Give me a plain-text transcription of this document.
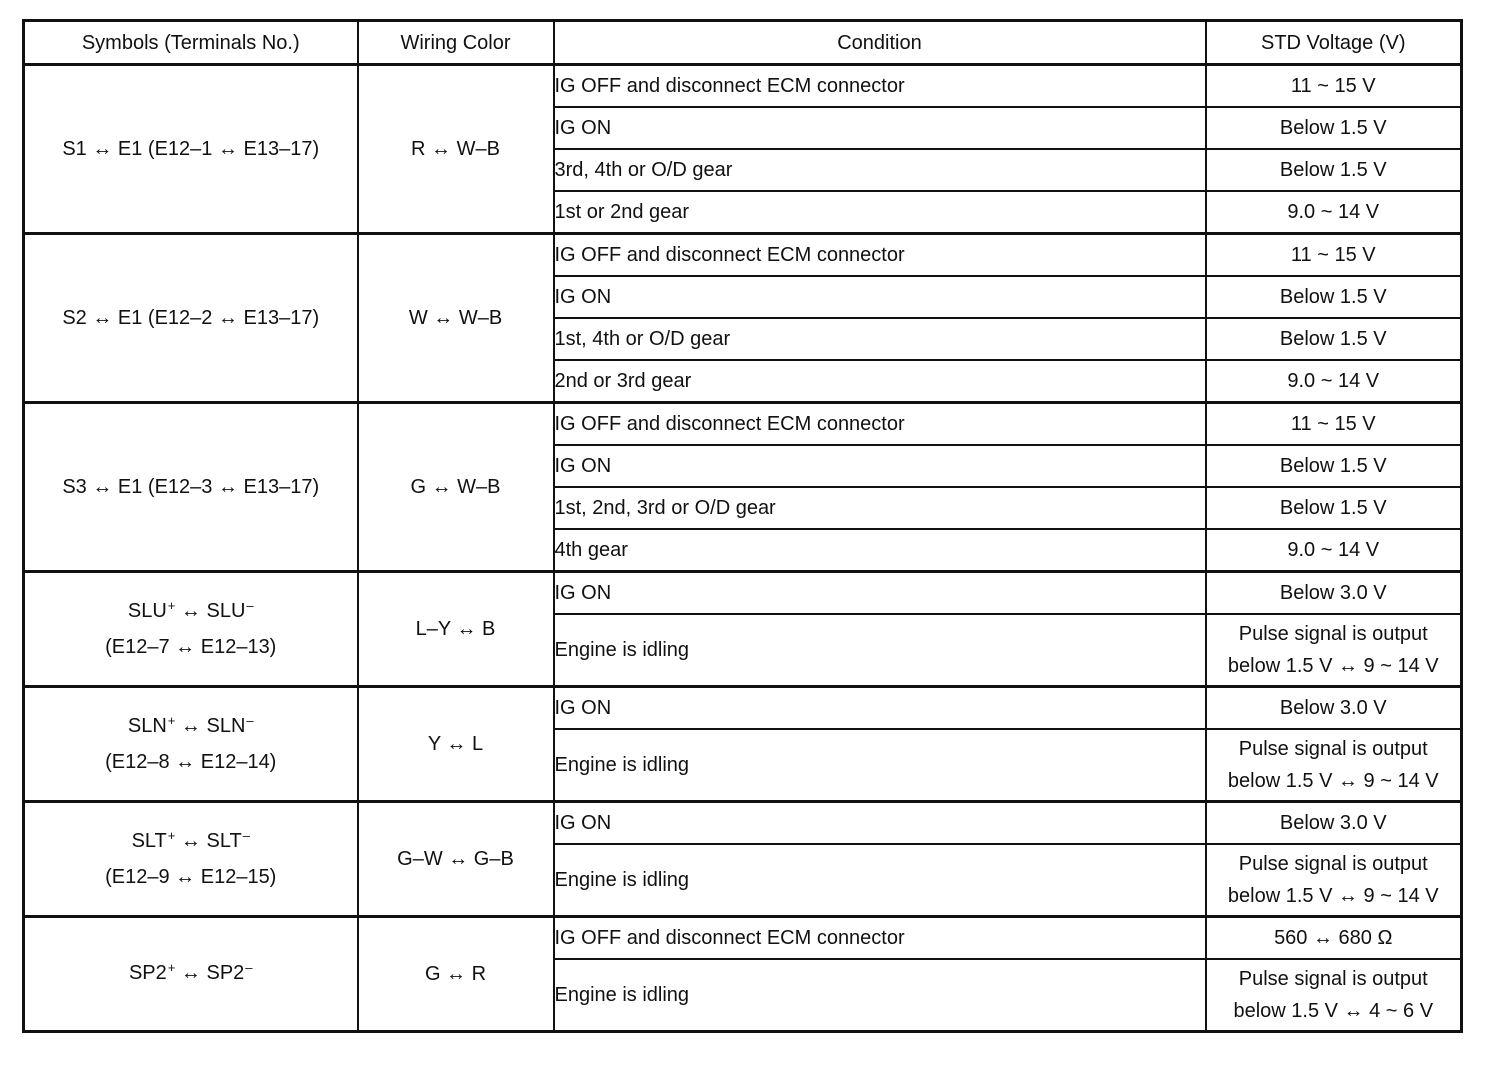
Symbols (Terminals No.)	Wiring Color	Condition	STD Voltage (V)
S1 ↔ E1 (E12–1 ↔ E13–17)	R ↔ W–B	IG OFF and disconnect ECM connector	11 ~ 15 V
		IG ON	Below 1.5 V
		3rd, 4th or O/D gear	Below 1.5 V
		1st or 2nd gear	9.0 ~ 14 V
S2 ↔ E1 (E12–2 ↔ E13–17)	W ↔ W–B	IG OFF and disconnect ECM connector	11 ~ 15 V
		IG ON	Below 1.5 V
		1st, 4th or O/D gear	Below 1.5 V
		2nd or 3rd gear	9.0 ~ 14 V
S3 ↔ E1 (E12–3 ↔ E13–17)	G ↔ W–B	IG OFF and disconnect ECM connector	11 ~ 15 V
		IG ON	Below 1.5 V
		1st, 2nd, 3rd or O/D gear	Below 1.5 V
		4th gear	9.0 ~ 14 V

SLU+ ↔ SLU–
(E12–7 ↔ E12–13)	L–Y ↔ B	IG ON	Below 3.0 V
		Engine is idling	Pulse signal is output
below 1.5 V ↔ 9 ~ 14 V

SLN+ ↔ SLN–
(E12–8 ↔ E12–14)	Y ↔ L	IG ON	Below 3.0 V
		Engine is idling	Pulse signal is output
below 1.5 V ↔ 9 ~ 14 V

SLT+ ↔ SLT–
(E12–9 ↔ E12–15)	G–W ↔ G–B	IG ON	Below 3.0 V
		Engine is idling	Pulse signal is output
below 1.5 V ↔ 9 ~ 14 V

SP2+ ↔ SP2–	G ↔ R	IG OFF and disconnect ECM connector	560 ↔ 680 Ω
		Engine is idling	Pulse signal is output
below 1.5 V ↔ 4 ~ 6 V
